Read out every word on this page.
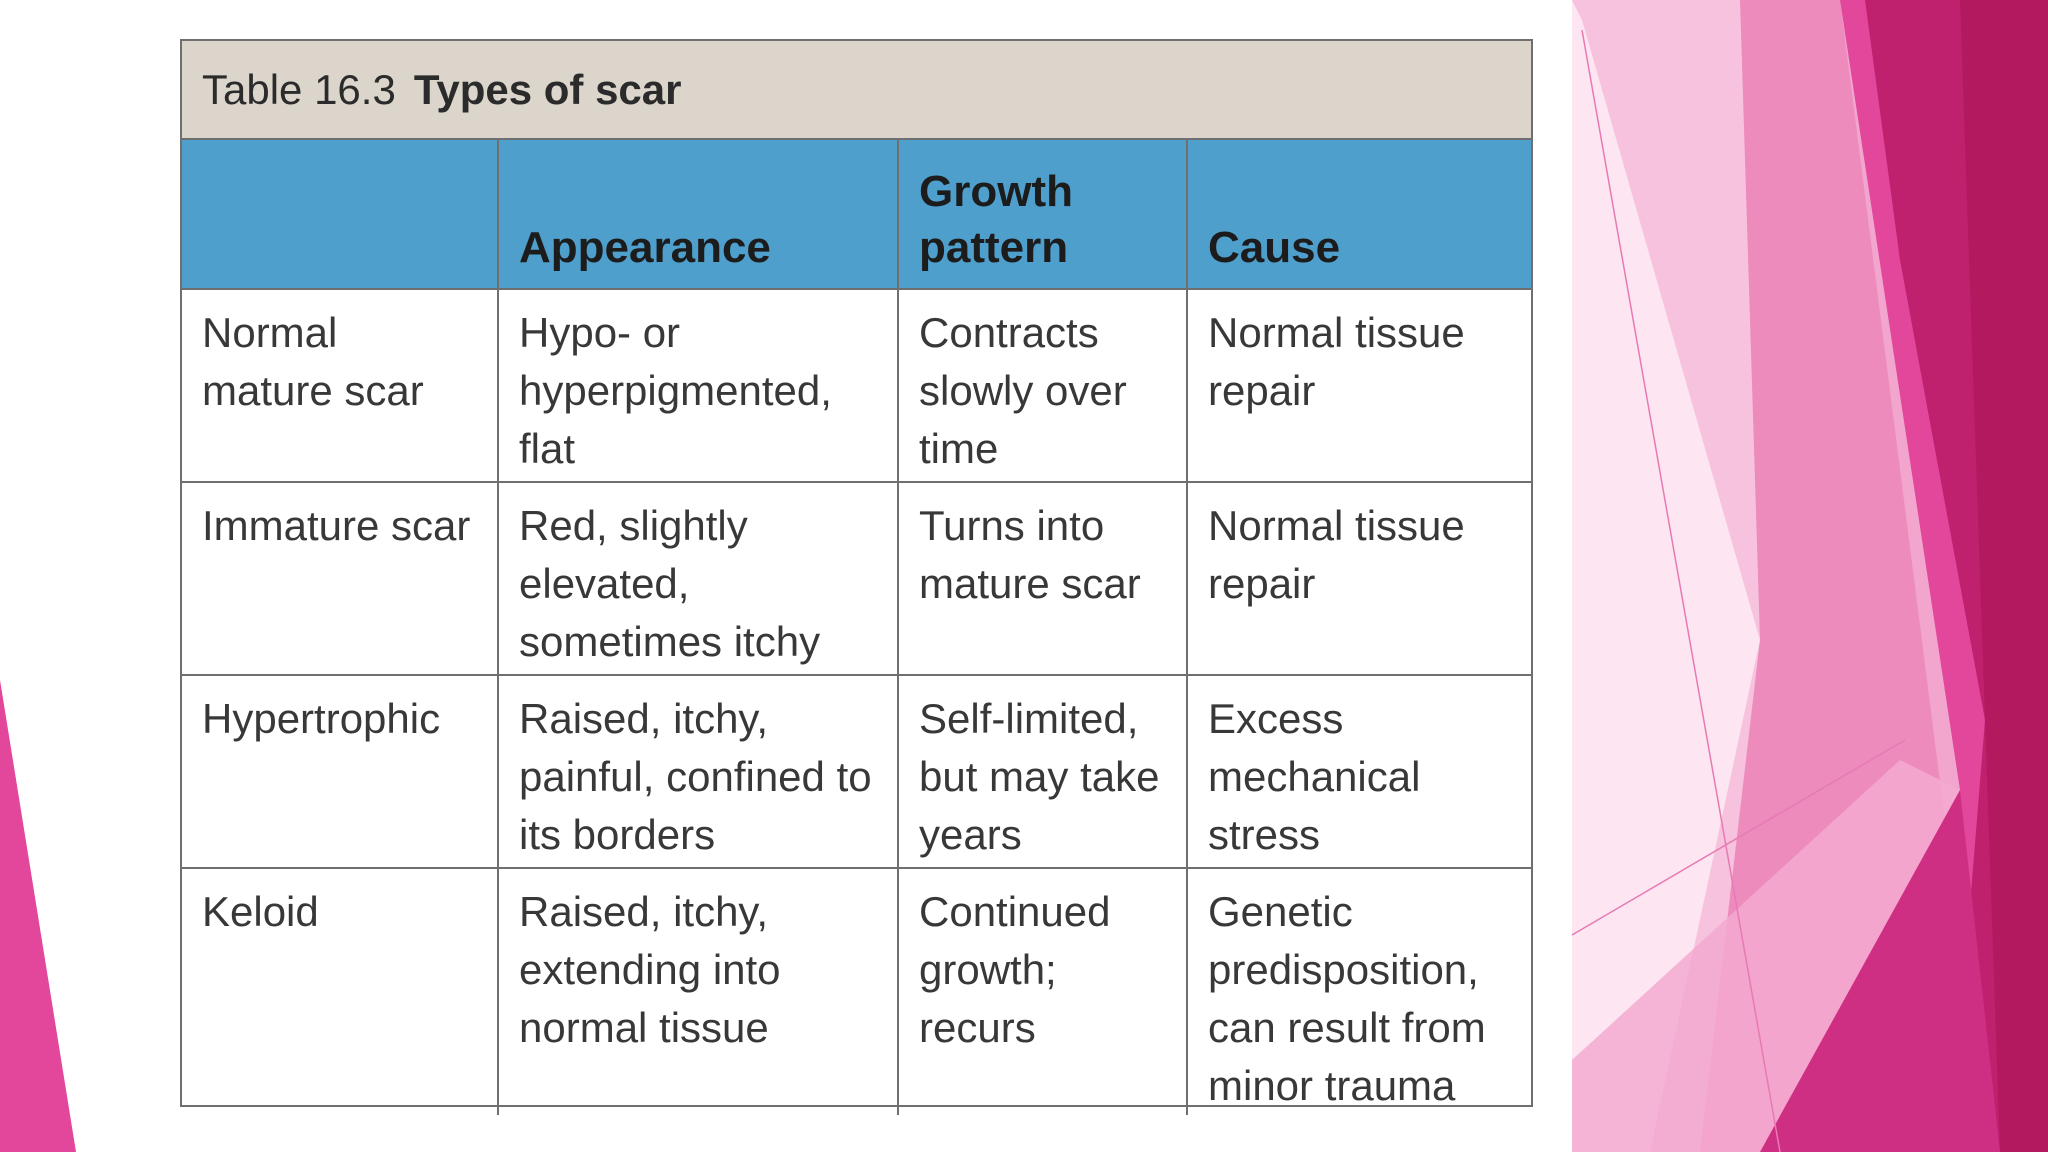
Table 16.3 Types of scar			
	Appearance	Growth pattern	Cause
Normal mature scar	Hypo- or hyperpigmented, flat	Contracts slowly over time	Normal tissue repair
Immature scar	Red, slightly elevated, sometimes itchy	Turns into mature scar	Normal tissue repair
Hypertrophic	Raised, itchy, painful, confined to its borders	Self-limited, but may take years	Excess mechanical stress
Keloid	Raised, itchy, extending into normal tissue	Continued growth; recurs	Genetic predisposition, can result from minor trauma
